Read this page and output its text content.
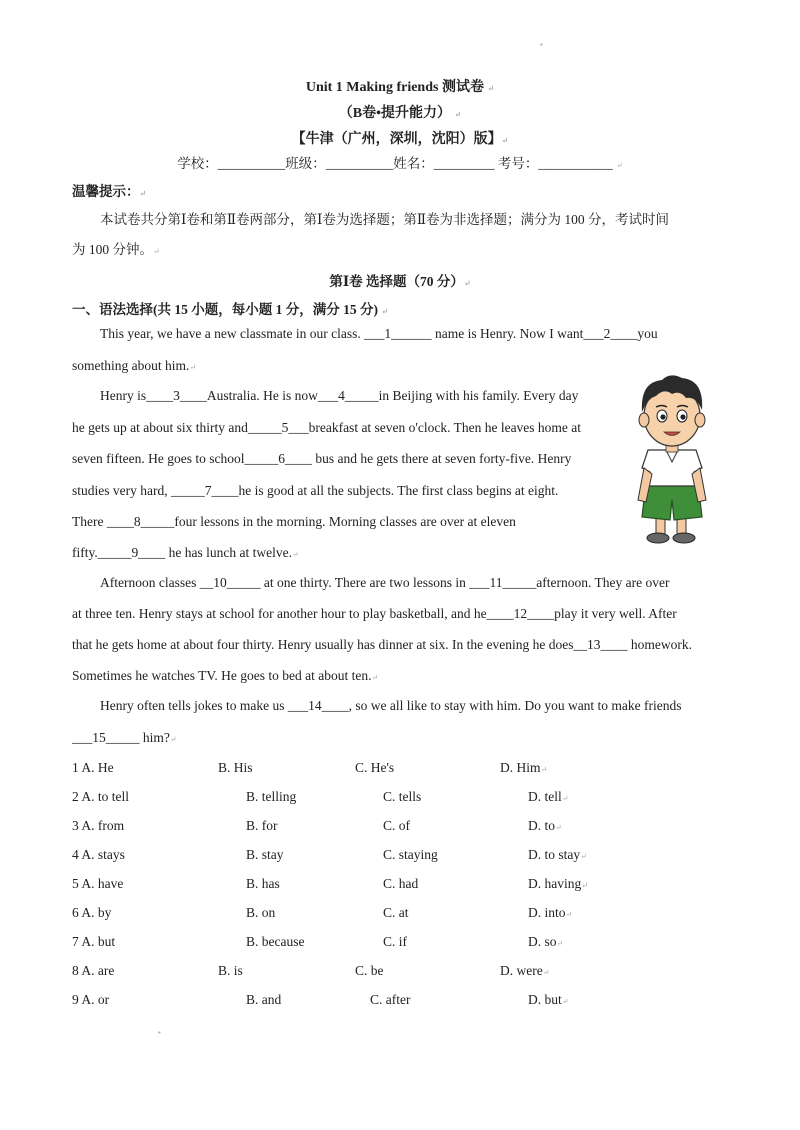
Unit 1 Making friends 测试卷 ↵
（B卷•提升能力） ↵
【牛津（广州，深圳，沈阳）版】↵
学校：__________班级：__________姓名：_________ 考号：___________ ↵
温馨提示：↵
本试卷共分第Ⅰ卷和第Ⅱ卷两部分，第Ⅰ卷为选择题；第Ⅱ卷为非选择题；满分为 100 分，考试时间
为 100 分钟。↵
第Ⅰ卷 选择题（70 分）↵
一、语法选择(共 15 小题，每小题 1 分，满分 15 分) ↵
This year, we have a new classmate in our class. ___1______ name is Henry. Now I want___2____you
something about him.↵
Henry is____3____Australia. He is now___4_____in Beijing with his family. Every day
he gets up at about six thirty and_____5___breakfast at seven o'clock. Then he leaves home at
seven fifteen. He goes to school_____6____ bus and he gets there at seven forty-five. Henry
studies very hard, _____7____he is good at all the subjects. The first class begins at eight.
There ____8_____four lessons in the morning. Morning classes are over at eleven
fifty._____9____ he has lunch at twelve.↵
Afternoon classes __10_____ at one thirty. There are two lessons in ___11_____afternoon. They are over
at three ten. Henry stays at school for another hour to play basketball, and he____12____play it very well. After
that he gets home at about four thirty. Henry usually has dinner at six. In the evening he does__13____ homework.
Sometimes he watches TV. He goes to bed at about ten.↵
Henry often tells jokes to make us ___14____, so we all like to stay with him. Do you want to make friends
___15_____ him?↵
1 A. He	B. His	C. He's	D. Him↵
2 A. to tell	B. telling	C. tells	D. tell↵
3 A. from	B. for	C. of	D. to↵
4 A. stays	B. stay	C. staying	D. to stay↵
5 A. have	B. has	C. had	D. having↵
6 A. by	B. on	C. at	D. into↵
7 A. but	B. because	C. if	D. so↵
8 A. are	B. is	C. be	D. were↵
9 A. or	B. and	C. after	D. but↵
▪
▪
